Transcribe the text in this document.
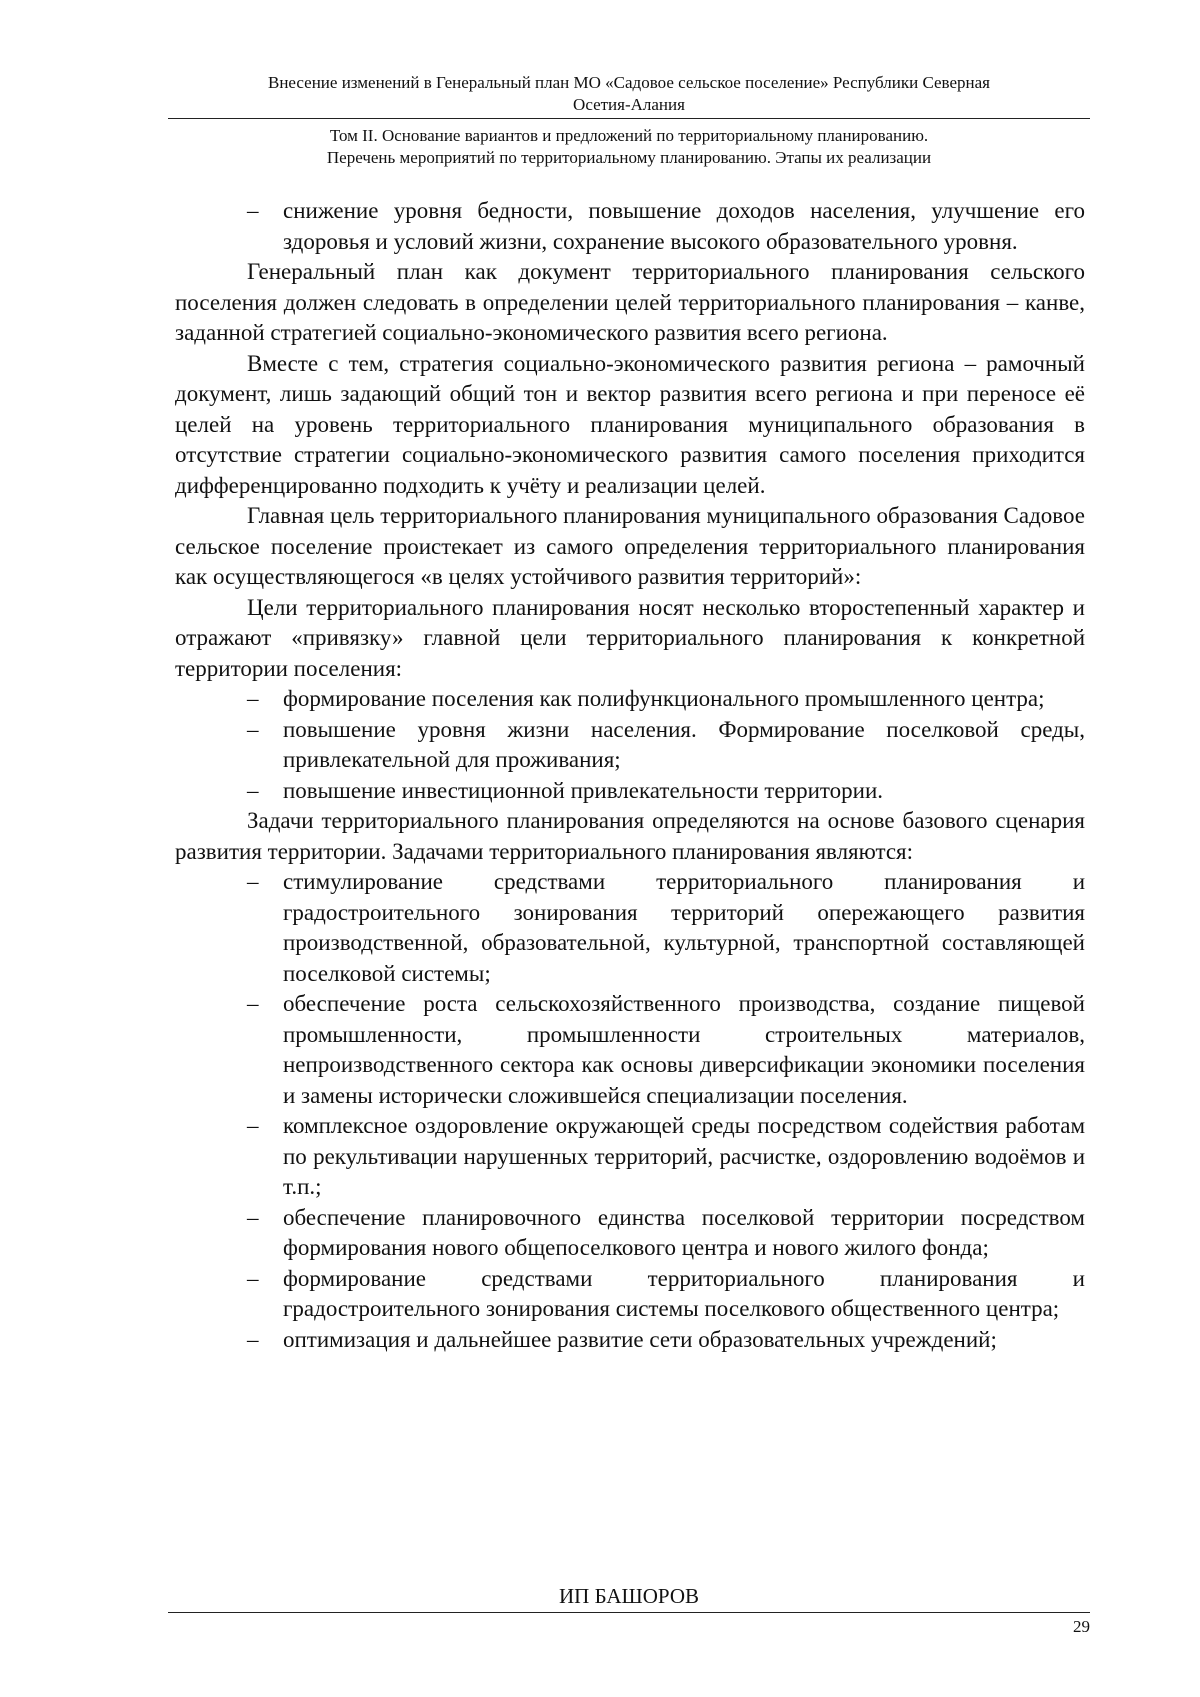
Внесение изменений в Генеральный план МО «Садовое сельское поселение» Республики Северная
Осетия-Алания
Том II. Основание вариантов и предложений по территориальному планированию.
Перечень мероприятий по территориальному планированию. Этапы их реализации
– снижение уровня бедности, повышение доходов населения, улучшение его здоровья и условий жизни, сохранение высокого образовательного уровня.

Генеральный план как документ территориального планирования сельского поселения должен следовать в определении целей территориального планирования – канве, заданной стратегией социально-экономического развития всего региона.

Вместе с тем, стратегия социально-экономического развития региона – рамочный документ, лишь задающий общий тон и вектор развития всего региона и при переносе её целей на уровень территориального планирования муниципального образования в отсутствие стратегии социально-экономического развития самого поселения приходится дифференцированно подходить к учёту и реализации целей.

Главная цель территориального планирования муниципального образования Садовое сельское поселение проистекает из самого определения территориального планирования как осуществляющегося «в целях устойчивого развития территорий»:

Цели территориального планирования носят несколько второстепенный характер и отражают «привязку» главной цели территориального планирования к конкретной территории поселения:

– формирование поселения как полифункционального промышленного центра;
– повышение уровня жизни населения. Формирование поселковой среды, привлекательной для проживания;
– повышение инвестиционной привлекательности территории.

Задачи территориального планирования определяются на основе базового сценария развития территории. Задачами территориального планирования являются:

– стимулирование средствами территориального планирования и градостроительного зонирования территорий опережающего развития производственной, образовательной, культурной, транспортной составляющей поселковой системы;
– обеспечение роста сельскохозяйственного производства, создание пищевой промышленности, промышленности строительных материалов, непроизводственного сектора как основы диверсификации экономики поселения и замены исторически сложившейся специализации поселения.
– комплексное оздоровление окружающей среды посредством содействия работам по рекультивации нарушенных территорий, расчистке, оздоровлению водоёмов и т.п.;
– обеспечение планировочного единства поселковой территории посредством формирования нового общепоселкового центра и нового жилого фонда;
– формирование средствами территориального планирования и градостроительного зонирования системы поселкового общественного центра;
– оптимизация и дальнейшее развитие сети образовательных учреждений;
ИП БАШОРОВ
29
